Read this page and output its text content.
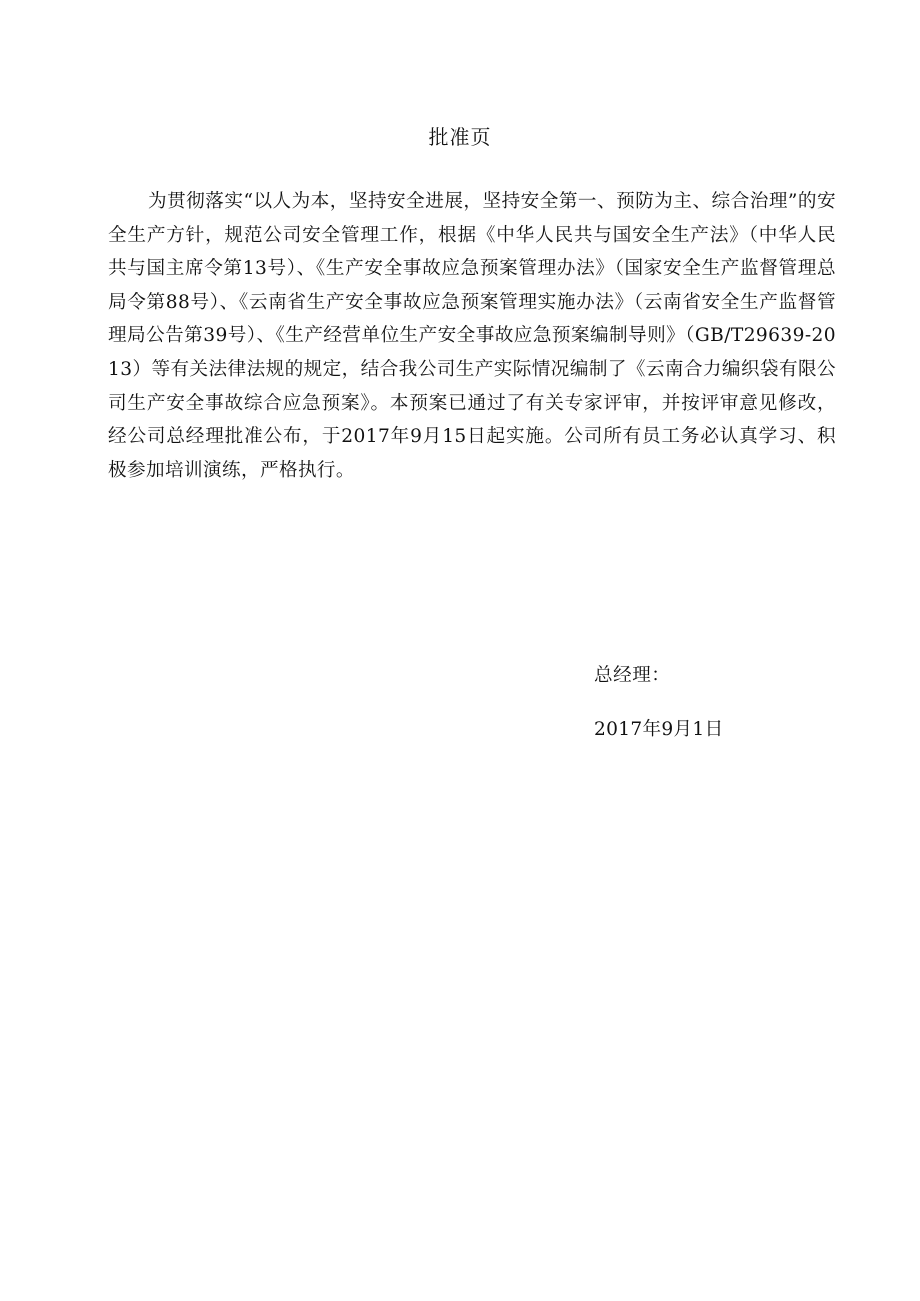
批准页

为贯彻落实“以人为本，坚持安全进展，坚持安全第一、预防为主、综合治理”的安全生产方针，规范公司安全管理工作，根据《中华人民共与国安全生产法》（中华人民共与国主席令第13号）、《生产安全事故应急预案管理办法》（国家安全生产监督管理总局令第88号）、《云南省生产安全事故应急预案管理实施办法》（云南省安全生产监督管理局公告第39号）、《生产经营单位生产安全事故应急预案编制导则》（GB/T29639-2013）等有关法律法规的规定，结合我公司生产实际情况编制了《云南合力编织袋有限公司生产安全事故综合应急预案》。本预案已通过了有关专家评审，并按评审意见修改，经公司总经理批准公布，于2017年9月15日起实施。公司所有员工务必认真学习、积极参加培训演练，严格执行。

总经理：
2017年9月1日
